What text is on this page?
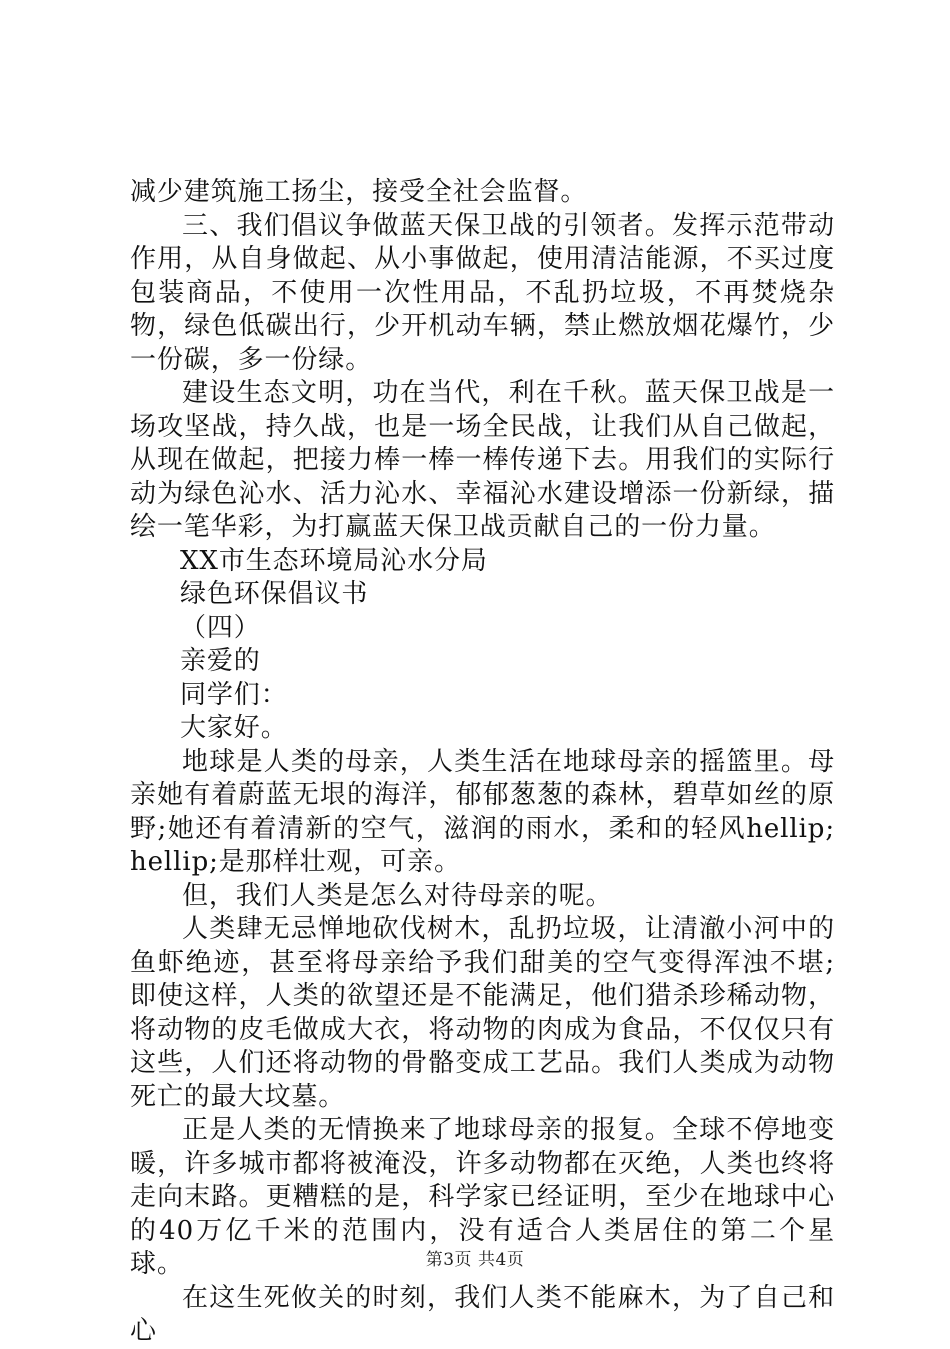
减少建筑施工扬尘，接受全社会监督。

三、我们倡议争做蓝天保卫战的引领者。发挥示范带动作用，从自身做起、从小事做起，使用清洁能源，不买过度包装商品，不使用一次性用品，不乱扔垃圾，不再焚烧杂物，绿色低碳出行，少开机动车辆，禁止燃放烟花爆竹，少一份碳，多一份绿。

建设生态文明，功在当代，利在千秋。蓝天保卫战是一场攻坚战，持久战，也是一场全民战，让我们从自己做起，从现在做起，把接力棒一棒一棒传递下去。用我们的实际行动为绿色沁水、活力沁水、幸福沁水建设增添一份新绿，描绘一笔华彩，为打赢蓝天保卫战贡献自己的一份力量。

XX市生态环境局沁水分局

绿色环保倡议书

（四）

亲爱的

同学们：

大家好。

地球是人类的母亲，人类生活在地球母亲的摇篮里。母亲她有着蔚蓝无垠的海洋，郁郁葱葱的森林，碧草如丝的原野;她还有着清新的空气，滋润的雨水，柔和的轻风hellip;hellip;是那样壮观，可亲。

但，我们人类是怎么对待母亲的呢。

人类肆无忌惮地砍伐树木，乱扔垃圾，让清澈小河中的鱼虾绝迹，甚至将母亲给予我们甜美的空气变得浑浊不堪;即使这样，人类的欲望还是不能满足，他们猎杀珍稀动物，将动物的皮毛做成大衣，将动物的肉成为食品，不仅仅只有这些，人们还将动物的骨骼变成工艺品。我们人类成为动物死亡的最大坟墓。

正是人类的无情换来了地球母亲的报复。全球不停地变暖，许多城市都将被淹没，许多动物都在灭绝，人类也终将走向末路。更糟糕的是，科学家已经证明，至少在地球中心的40万亿千米的范围内，没有适合人类居住的第二个星球。

在这生死攸关的时刻，我们人类不能麻木，为了自己和心

第3页 共4页
